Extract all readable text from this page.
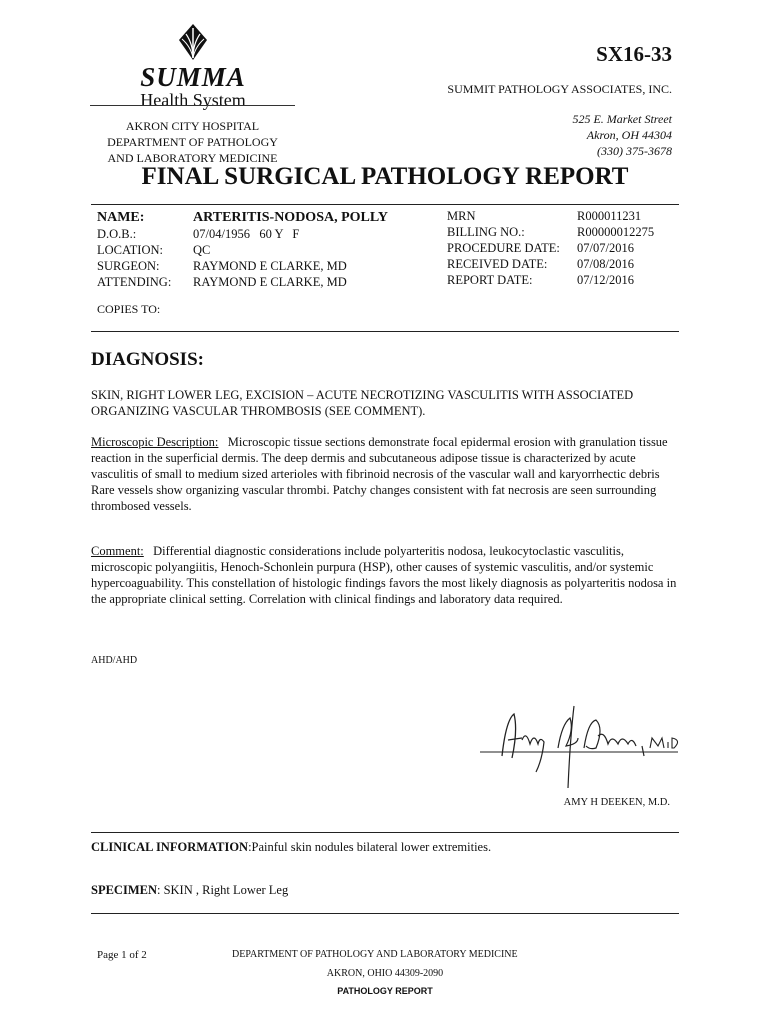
SUMMA
Health System
AKRON CITY HOSPITAL
DEPARTMENT OF PATHOLOGY
AND LABORATORY MEDICINE
SX16-33
SUMMIT PATHOLOGY ASSOCIATES, INC.
525 E. Market Street
Akron, OH 44304
(330) 375-3678
FINAL SURGICAL PATHOLOGY REPORT
NAME:
D.O.B.:
LOCATION:
SURGEON:
ATTENDING:
ARTERITIS-NODOSA, POLLY
07/04/1956   60 Y   F
QC
RAYMOND E CLARKE, MD
RAYMOND E CLARKE, MD
MRN
BILLING NO.:
PROCEDURE DATE:
RECEIVED DATE:
REPORT DATE:
R000011231
R00000012275
07/07/2016
07/08/2016
07/12/2016
COPIES TO:
DIAGNOSIS:
SKIN, RIGHT LOWER LEG, EXCISION – ACUTE NECROTIZING VASCULITIS WITH ASSOCIATED ORGANIZING VASCULAR THROMBOSIS (SEE COMMENT).
Microscopic Description: Microscopic tissue sections demonstrate focal epidermal erosion with granulation tissue reaction in the superficial dermis. The deep dermis and subcutaneous adipose tissue is characterized by acute vasculitis of small to medium sized arterioles with fibrinoid necrosis of the vascular wall and karyorrhectic debris Rare vessels show organizing vascular thrombi. Patchy changes consistent with fat necrosis are seen surrounding thrombosed vessels.
Comment: Differential diagnostic considerations include polyarteritis nodosa, leukocytoclastic vasculitis, microscopic polyangiitis, Henoch-Schonlein purpura (HSP), other causes of systemic vasculitis, and/or systemic hypercoaguability. This constellation of histologic findings favors the most likely diagnosis as polyarteritis nodosa in the appropriate clinical setting. Correlation with clinical findings and laboratory data required.
AHD/AHD
AMY H DEEKEN, M.D.
CLINICAL INFORMATION:Painful skin nodules bilateral lower extremities.
SPECIMEN: SKIN , Right Lower Leg
Page 1 of 2	DEPARTMENT OF PATHOLOGY AND LABORATORY MEDICINE
AKRON, OHIO 44309-2090
PATHOLOGY REPORT
